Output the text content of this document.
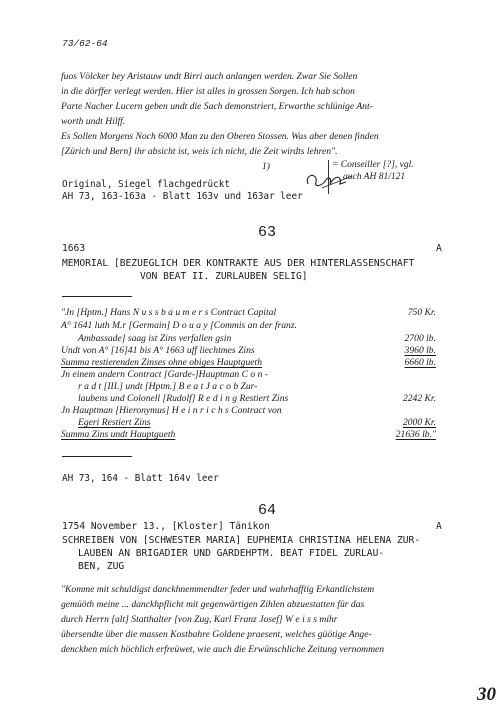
73/62-64
fuos Völcker bey Aristauw undt Birri auch anlangen werden. Zwar Sie Sollen
in die dörffer verlegt werden. Hier ist alles in grossen Sorgen. Ich hab schon
Parte Nacher Lucern geben undt die Sach demonstriert, Erwarthe schlünige Ant-
worth undt Hilff.
Es Sollen Morgens Noch 6000 Man zu den Oberen Stossen. Was aber denen finden
[Zürich und Bern] ihr absicht ist, weis ich nicht, die Zeit wirdts lehren".
1)	= Conseiller [?], vgl.
auch AH 81/121
Original, Siegel flachgedrückt
AH 73, 163-163a - Blatt 163v und 163ar leer
63
1663	A
MEMORIAL [BEZUEGLICH DER KONTRAKTE AUS DER HINTERLASSENSCHAFT
VON BEAT II. ZURLAUBEN SELIG]
"Jn [Hptm.] Hans N u s s b a u m e r s Contract Capital	750 Kr.
A° 1641 luth M.r [Germain] D o u a y [Commis an der franz.
Ambassade] saag ist Zins verfallen gsin	2700 lb.
Undt von A° [16]41 bis A° 1663 uff liechtmes Zins	3960 lb.
Summa restierenden Zinses ohne obiges Hauptgueth	6660 lb.
Jn einem andern Contract [Garde-]Hauptman C o n -
r a d t [III.] undt [Hptm.] B e a t J a c o b Zur-
laubens und Colonell [Rudolf] R e d i n g Restiert Zins	2242 Kr.
Jn Hauptman [Hieronymus] H e i n r i c h s Contract von
Egeri Restiert Zins	2000 Kr.
Summa Zins undt Hauptgueth	21636 lb."
AH 73, 164 - Blatt 164v leer
64
1754 November 13., [Kloster] Tänikon	A
SCHREIBEN VON [SCHWESTER MARIA] EUPHEMIA CHRISTINA HELENA ZUR-
LAUBEN AN BRIGADIER UND GARDEHPTM. BEAT FIDEL ZURLAU-
BEN, ZUG
"Komme mit schuldigst danckhnemmendter feder und wahrhafftig Erkantlichstem
gemüöth meine ... danckhpflicht mit gegenwärtigen Zihlen abzuestatten für das
durch Herrn [alt] Statthalter [von Zug, Karl Franz Josef] W e i s s mihr
übersendte über die massen Kostbahre Goldene praesent, welches güötige Ange-
denckhen mich höchlich erfreüwet, wie auch die Erwünschliche Zeitung vernommen
30
